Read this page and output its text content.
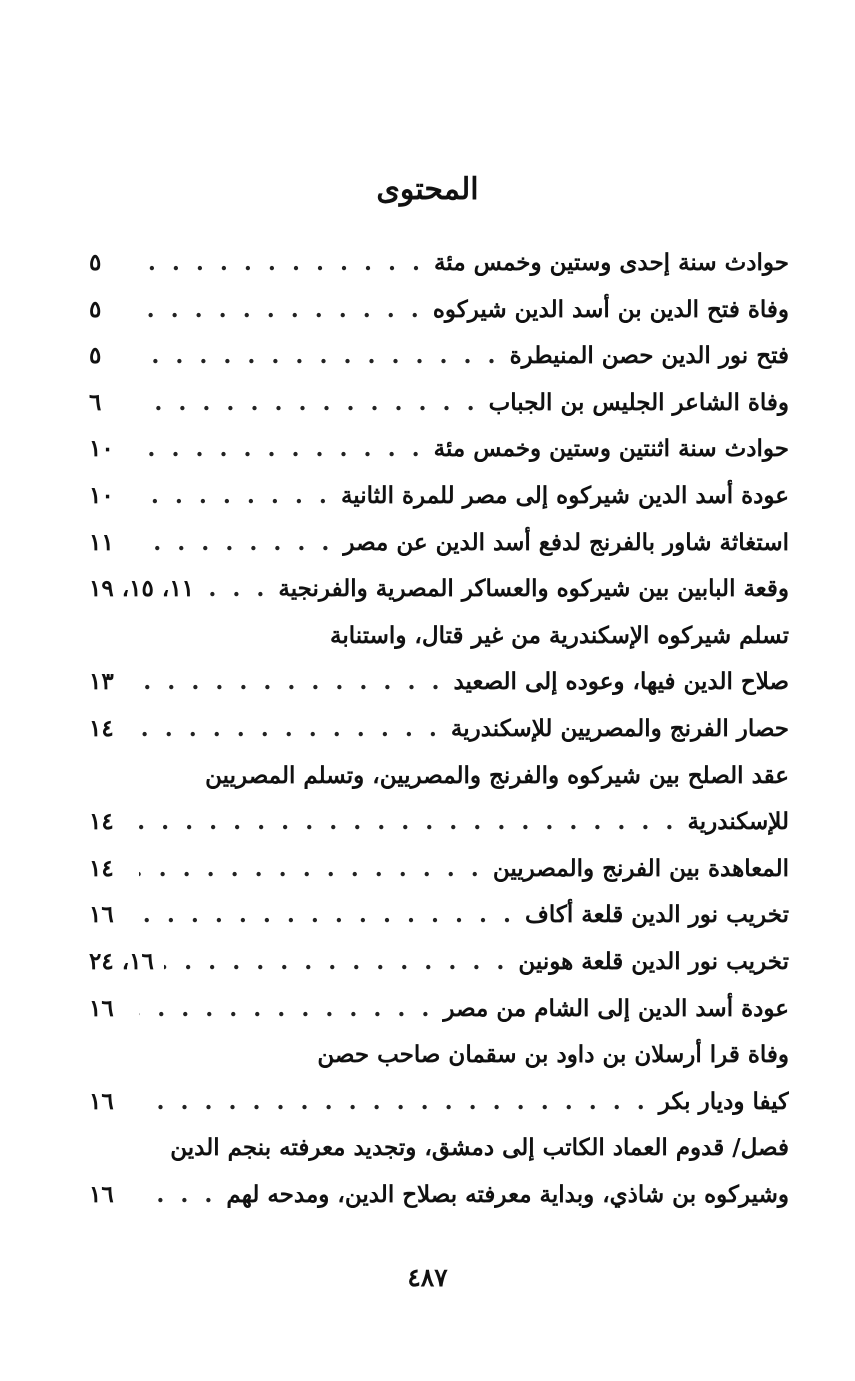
المحتوى
حوادث سنة إحدى وستين وخمس مئة
. . .
٥
وفاة فتح الدين بن أسد الدين شيركوه
. . .
٥
فتح نور الدين حصن المنيطرة
. . .
٥
وفاة الشاعر الجليس بن الجباب
. . .
٦
حوادث سنة اثنتين وستين وخمس مئة
. . .
١٠
عودة أسد الدين شيركوه إلى مصر للمرة الثانية
. . .
١٠
استغاثة شاور بالفرنج لدفع أسد الدين عن مصر
. . .
١١
وقعة البابين بين شيركوه والعساكر المصرية والفرنجية
. . .
١١، ١٥، ١٩
تسلم شيركوه الإسكندرية من غير قتال، واستنابة
صلاح الدين فيها، وعوده إلى الصعيد
. . .
١٣
حصار الفرنج والمصريين للإسكندرية
. . .
١٤
عقد الصلح بين شيركوه والفرنج والمصريين، وتسلم المصريين
للإسكندرية
. . .
١٤
المعاهدة بين الفرنج والمصريين
. . .
١٤
تخريب نور الدين قلعة أكاف
. . .
١٦
تخريب نور الدين قلعة هونين
. . .
١٦، ٢٤
عودة أسد الدين إلى الشام من مصر
. . .
١٦
وفاة قرا أرسلان بن داود بن سقمان صاحب حصن
كيفا وديار بكر
. . .
١٦
فصل/ قدوم العماد الكاتب إلى دمشق، وتجديد معرفته بنجم الدين
وشيركوه بن شاذي، وبداية معرفته بصلاح الدين، ومدحه لهم
. . .
١٦
٤٨٧
